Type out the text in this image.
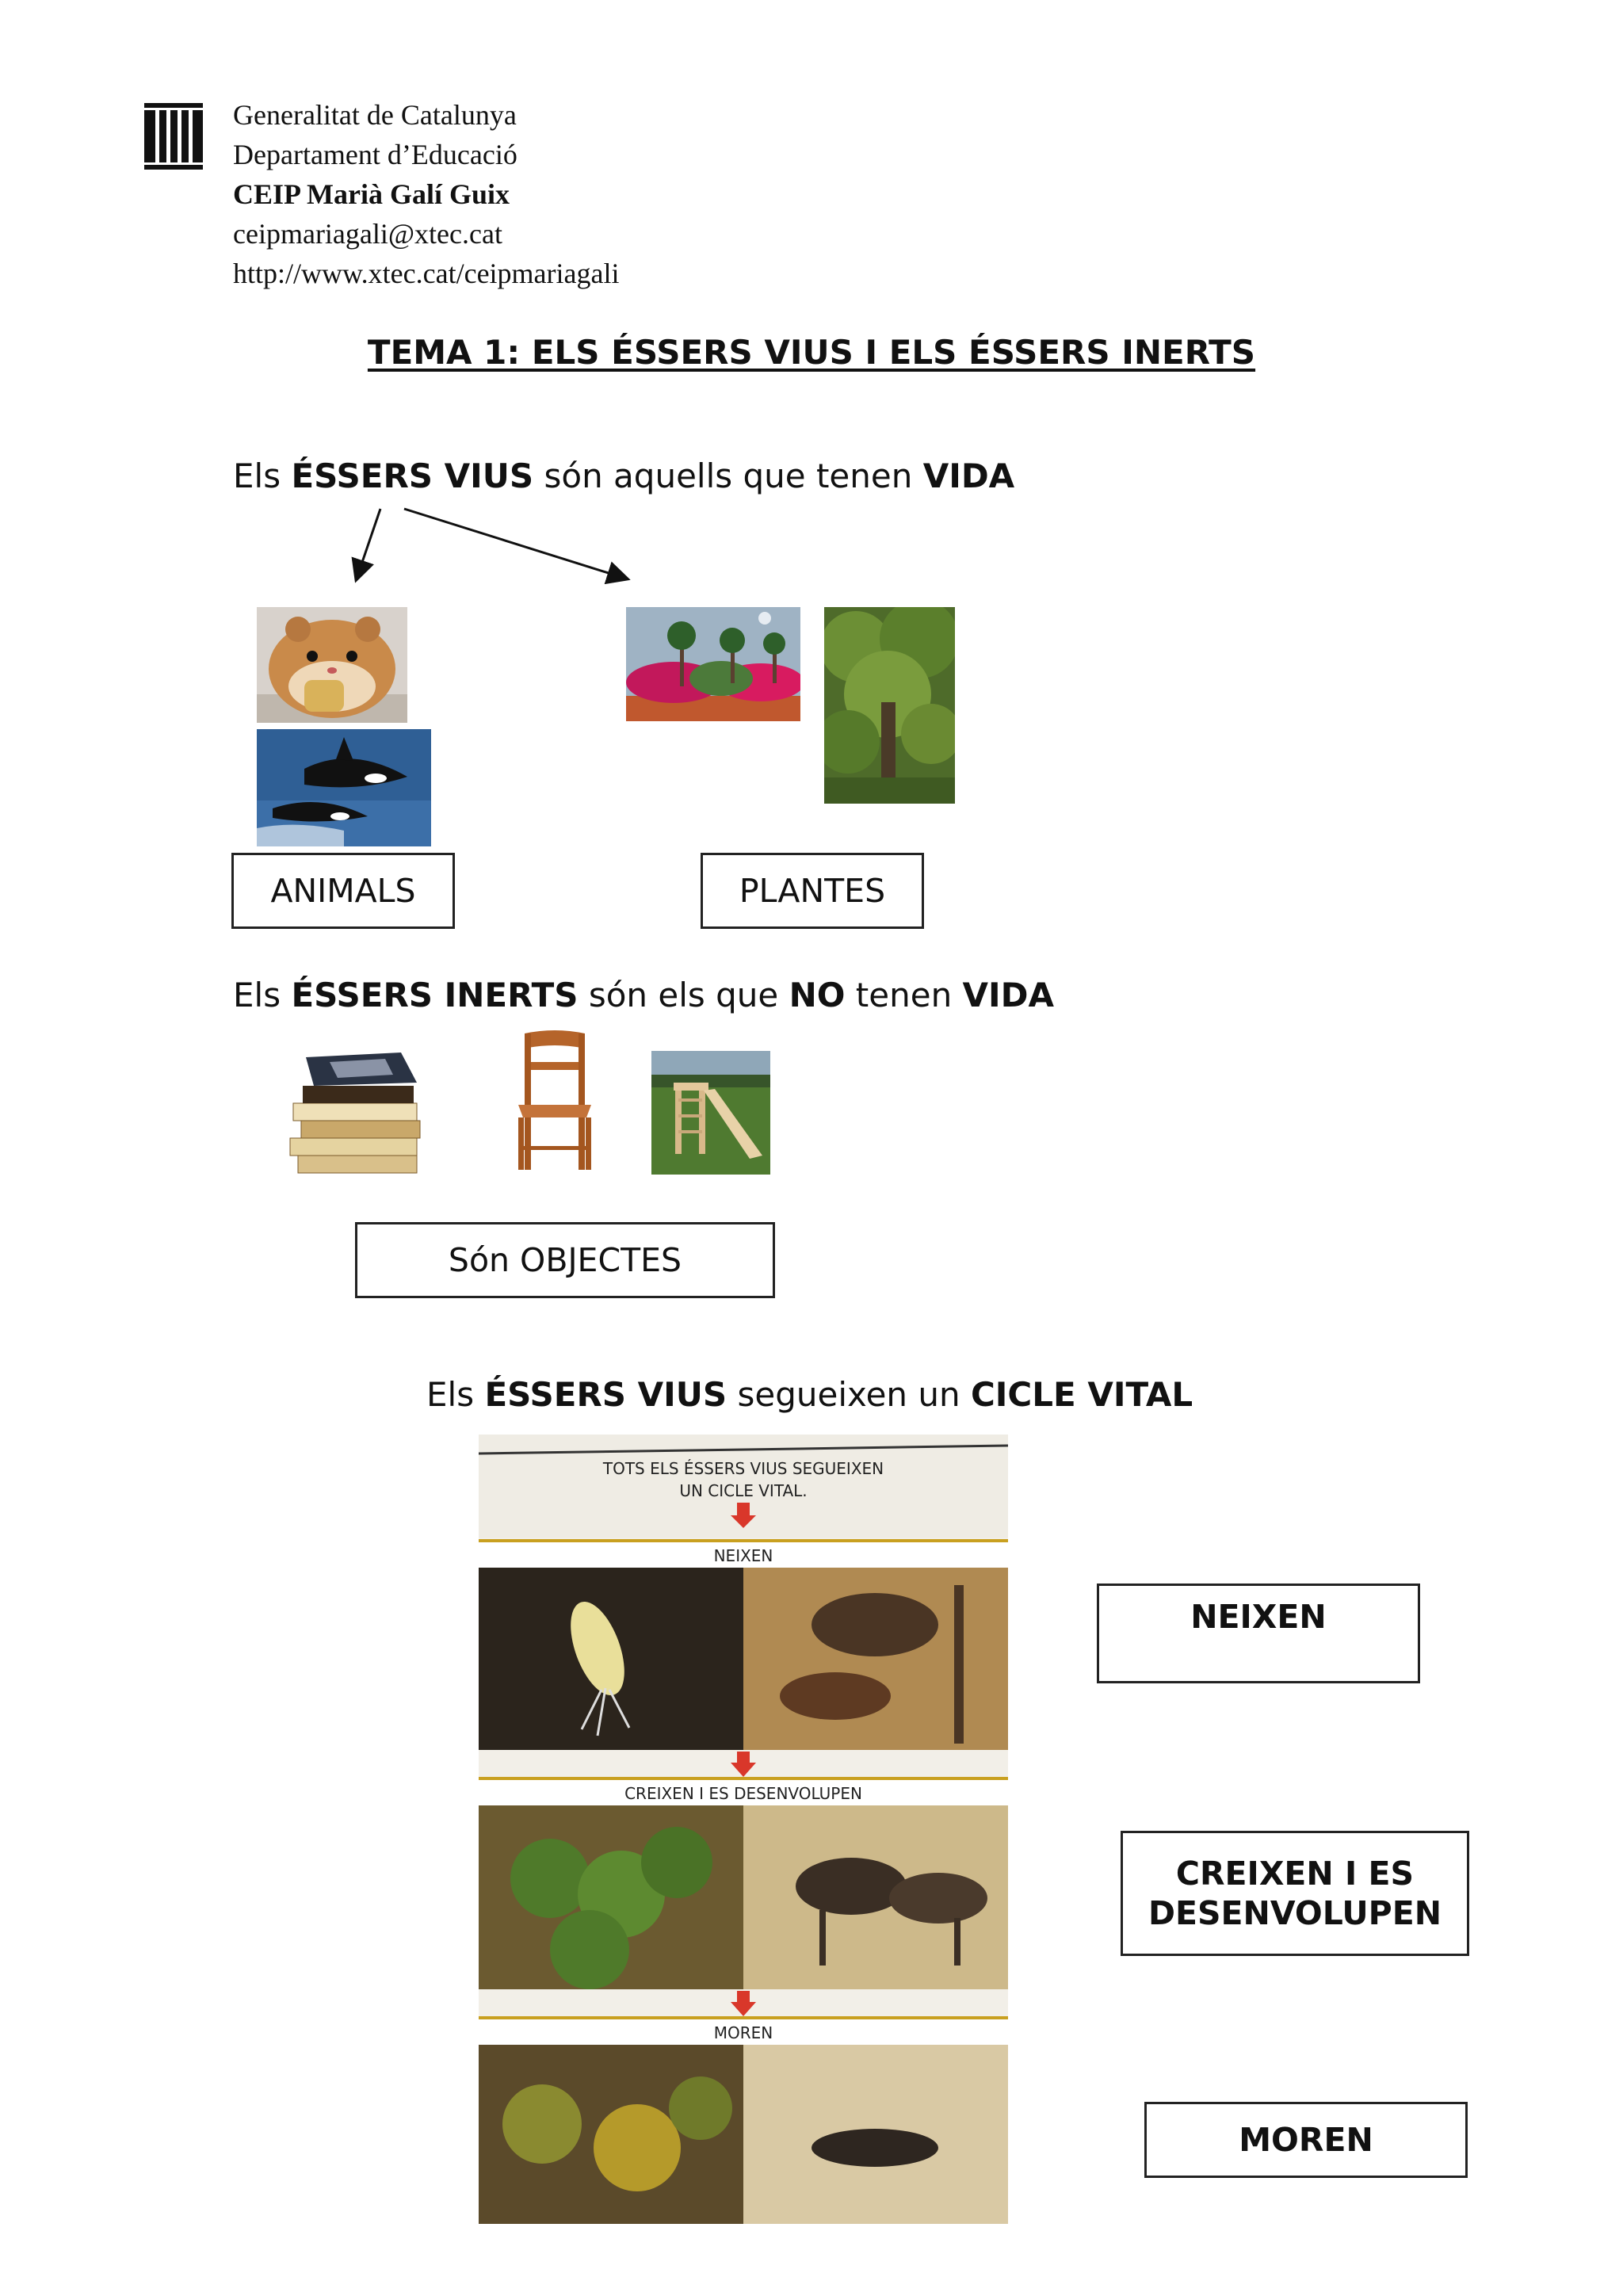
Generalitat de Catalunya
Departament d’Educació
CEIP Marià Galí Guix
ceipmariagali@xtec.cat
http://www.xtec.cat/ceipmariagali
TEMA 1: ELS ÉSSERS VIUS I ELS ÉSSERS INERTS
Els ÉSSERS VIUS són aquells que tenen VIDA
ANIMALS	PLANTES
Els ÉSSERS INERTS són els que NO tenen VIDA
Són OBJECTES
Els ÉSSERS VIUS segueixen un CICLE VITAL
TOTS ELS ÉSSERS VIUS SEGUEIXEN
UN CICLE VITAL.
NEIXEN
CREIXEN I ES DESENVOLUPEN
MOREN
NEIXEN
CREIXEN I ES
DESENVOLUPEN
MOREN
